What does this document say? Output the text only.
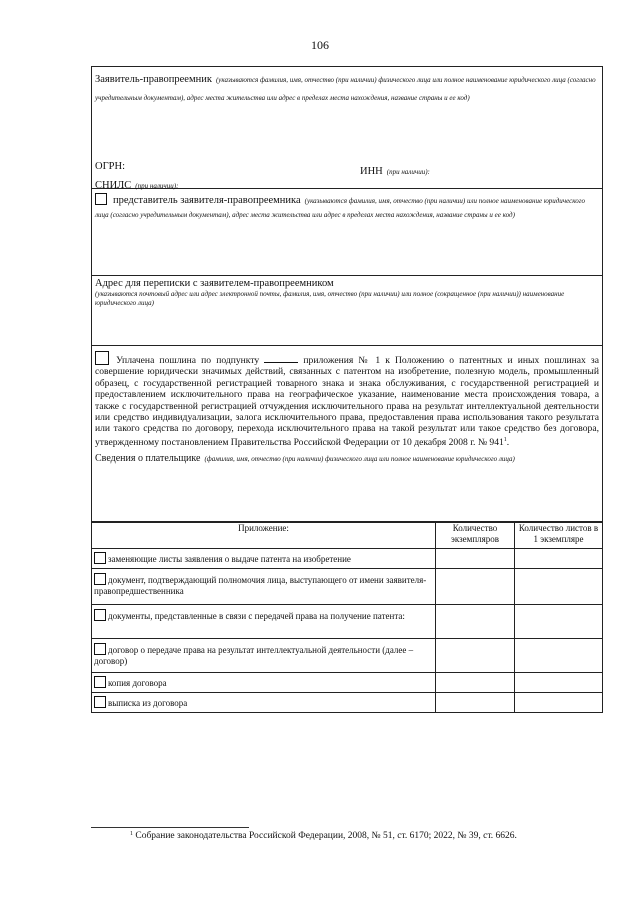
106
Заявитель-правопреемник (указываются фамилия, имя, отчество (при наличии) физического лица или полное наименование юридического лица (согласно учредительным документам), адрес места жительства или адрес в пределах места нахождения, название страны и ее код)
ОГРН:	ИНН (при наличии):
СНИЛС (при наличии):
представитель заявителя-правопреемника (указываются фамилия, имя, отчество (при наличии) или полное наименование юридического лица (согласно учредительным документам), адрес места жительства или адрес в пределах места нахождения, название страны и ее код)
Адрес для переписки с заявителем-правопреемником
(указываются почтовый адрес или адрес электронной почты, фамилия, имя, отчество (при наличии) или полное (сокращенное (при наличии)) наименование юридического лица)
Уплачена пошлина по подпункту	приложения № 1 к Положению о патентных и иных пошлинах за совершение юридически значимых действий, связанных с патентом на изобретение, полезную модель, промышленный образец, с государственной регистрацией товарного знака и знака обслуживания, с государственной регистрацией и предоставлением исключительного права на географическое указание, наименование места происхождения товара, а также с государственной регистрацией отчуждения исключительного права на результат интеллектуальной деятельности или средство индивидуализации, залога исключительного права, предоставления права использования такого результата или такого средства по договору, перехода исключительного права на такой результат или такое средство без договора, утвержденному постановлением Правительства Российской Федерации от 10 декабря 2008 г. № $941^1$.
Сведения о плательщике (фамилия, имя, отчество (при наличии) физического лица или полное наименование юридического лица)
Приложение:	Количество экземпляров	Количество листов в 1 экземпляре
заменяющие листы заявления о выдаче патента на изобретение		
документ, подтверждающий полномочия лица, выступающего от имени заявителя-правопредшественника		
документы, представленные в связи с передачей права на получение патента:		
договор о передаче права на результат интеллектуальной деятельности (далее – договор)		
копия договора		
выписка из договора		
$^1$ Собрание законодательства Российской Федерации, 2008, № 51, ст. 6170; 2022, № 39, ст. 6626.
